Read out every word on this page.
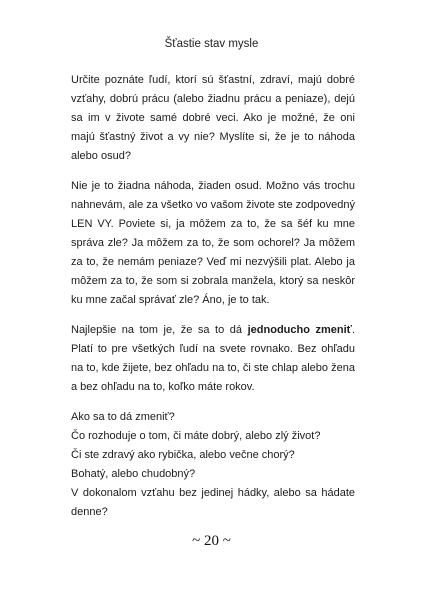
Šťastie stav mysle

Určite poznáte ľudí, ktorí sú šťastní, zdraví, majú dobré vzťahy, dobrú prácu (alebo žiadnu prácu a peniaze), dejú sa im v živote samé dobré veci. Ako je možné, že oni majú šťastný život a vy nie? Myslíte si, že je to náhoda alebo osud?

Nie je to žiadna náhoda, žiaden osud. Možno vás trochu nahnevám, ale za všetko vo vašom živote ste zodpovedný LEN VY. Poviete si, ja môžem za to, že sa šéf ku mne správa zle? Ja môžem za to, že som ochorel? Ja môžem za to, že nemám peniaze? Veď mi nezvýšili plat. Alebo ja môžem za to, že som si zobrala manžela, ktorý sa neskôr ku mne začal správať zle? Áno, je to tak.

Najlepšie na tom je, že sa to dá jednoducho zmeniť. Platí to pre všetkých ľudí na svete rovnako. Bez ohľadu na to, kde žijete, bez ohľadu na to, či ste chlap alebo žena a bez ohľadu na to, koľko máte rokov.

Ako sa to dá zmeniť?
Čo rozhoduje o tom, či máte dobrý, alebo zlý život?
Či ste zdravý ako rybička, alebo večne chorý?
Bohatý, alebo chudobný?
V dokonalom vzťahu bez jedinej hádky, alebo sa hádate denne?
~ 20 ~
